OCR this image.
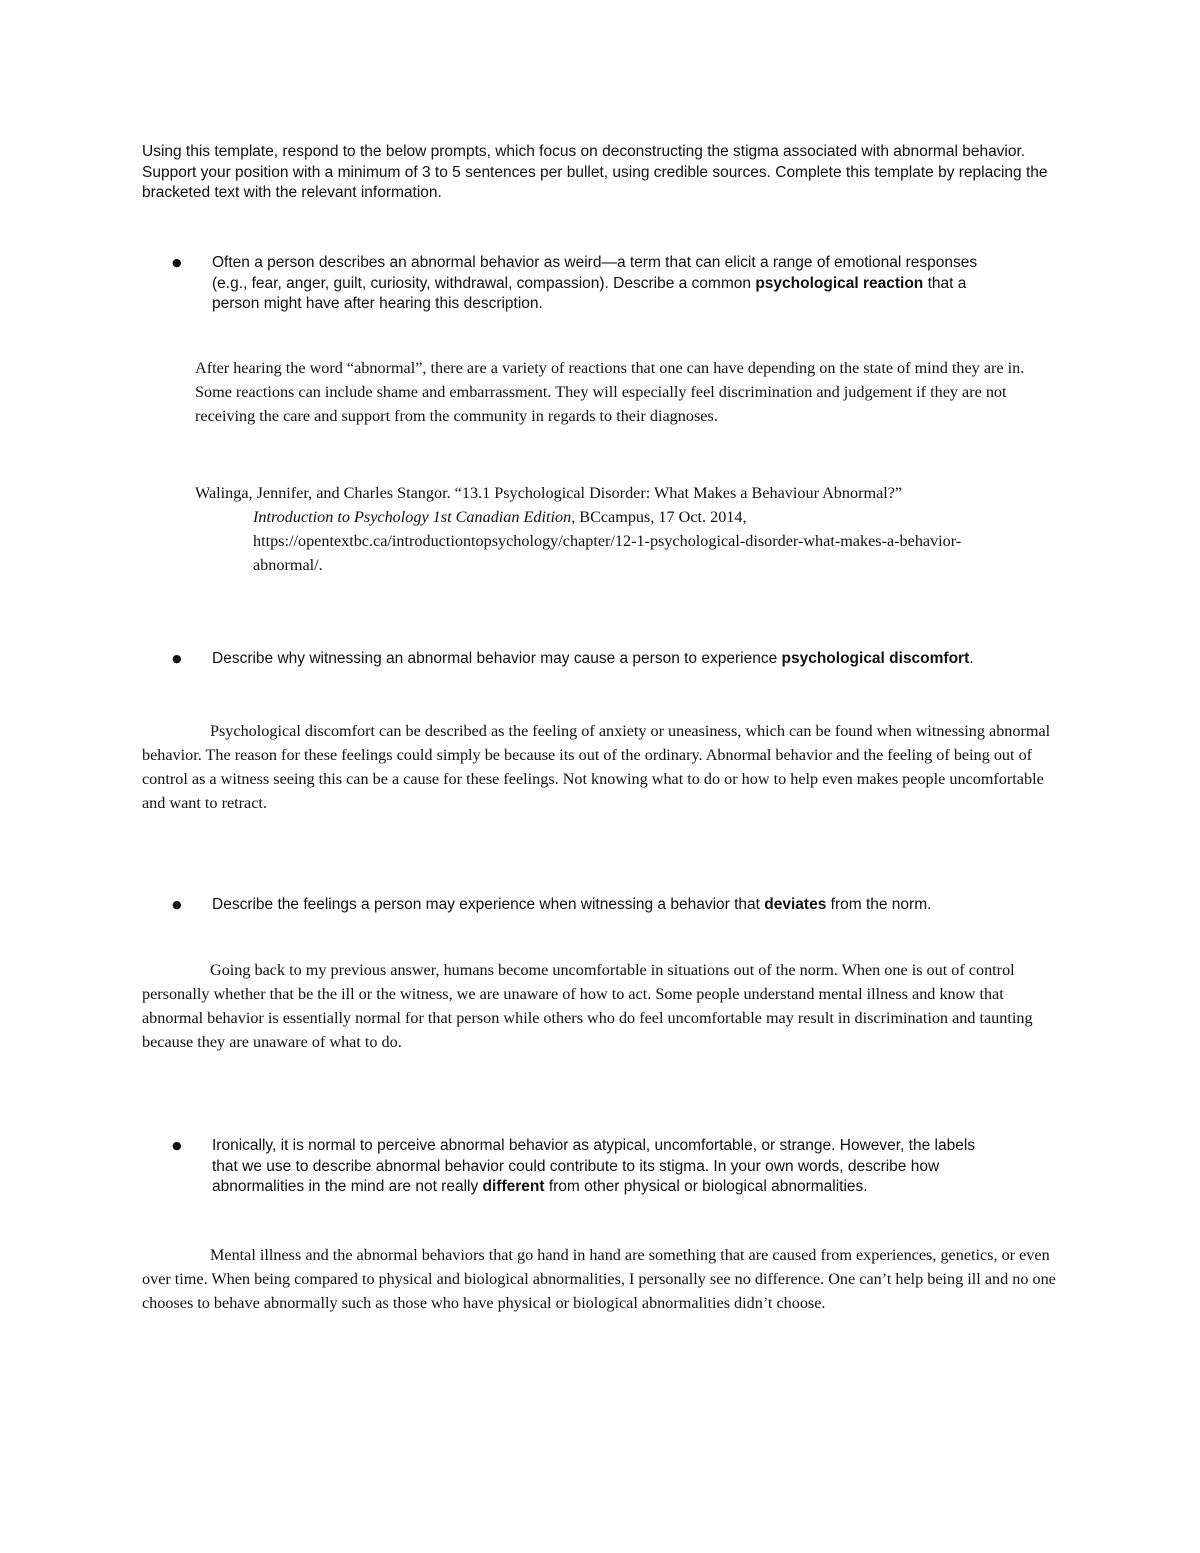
Using this template, respond to the below prompts, which focus on deconstructing the stigma associated with abnormal behavior. Support your position with a minimum of 3 to 5 sentences per bullet, using credible sources. Complete this template by replacing the bracketed text with the relevant information.
● Often a person describes an abnormal behavior as weird—a term that can elicit a range of emotional responses
(e.g., fear, anger, guilt, curiosity, withdrawal, compassion). Describe a common psychological reaction that a
person might have after hearing this description.
After hearing the word “abnormal”, there are a variety of reactions that one can have depending on the state of mind they are in. Some reactions can include shame and embarrassment. They will especially feel discrimination and judgement if they are not receiving the care and support from the community in regards to their diagnoses.
Walinga, Jennifer, and Charles Stangor. “13.1 Psychological Disorder: What Makes a Behaviour Abnormal?”
Introduction to Psychology 1st Canadian Edition, BCcampus, 17 Oct. 2014,
https://opentextbc.ca/introductiontopsychology/chapter/12-1-psychological-disorder-what-makes-a-behavior-
abnormal/.
● Describe why witnessing an abnormal behavior may cause a person to experience psychological discomfort.
Psychological discomfort can be described as the feeling of anxiety or uneasiness, which can be found when witnessing abnormal behavior. The reason for these feelings could simply be because its out of the ordinary. Abnormal behavior and the feeling of being out of control as a witness seeing this can be a cause for these feelings. Not knowing what to do or how to help even makes people uncomfortable and want to retract.
● Describe the feelings a person may experience when witnessing a behavior that deviates from the norm.
Going back to my previous answer, humans become uncomfortable in situations out of the norm. When one is out of control personally whether that be the ill or the witness, we are unaware of how to act. Some people understand mental illness and know that abnormal behavior is essentially normal for that person while others who do feel uncomfortable may result in discrimination and taunting because they are unaware of what to do.
● Ironically, it is normal to perceive abnormal behavior as atypical, uncomfortable, or strange. However, the labels
that we use to describe abnormal behavior could contribute to its stigma. In your own words, describe how
abnormalities in the mind are not really different from other physical or biological abnormalities.
Mental illness and the abnormal behaviors that go hand in hand are something that are caused from experiences, genetics, or even over time. When being compared to physical and biological abnormalities, I personally see no difference. One can’t help being ill and no one chooses to behave abnormally such as those who have physical or biological abnormalities didn’t choose.
